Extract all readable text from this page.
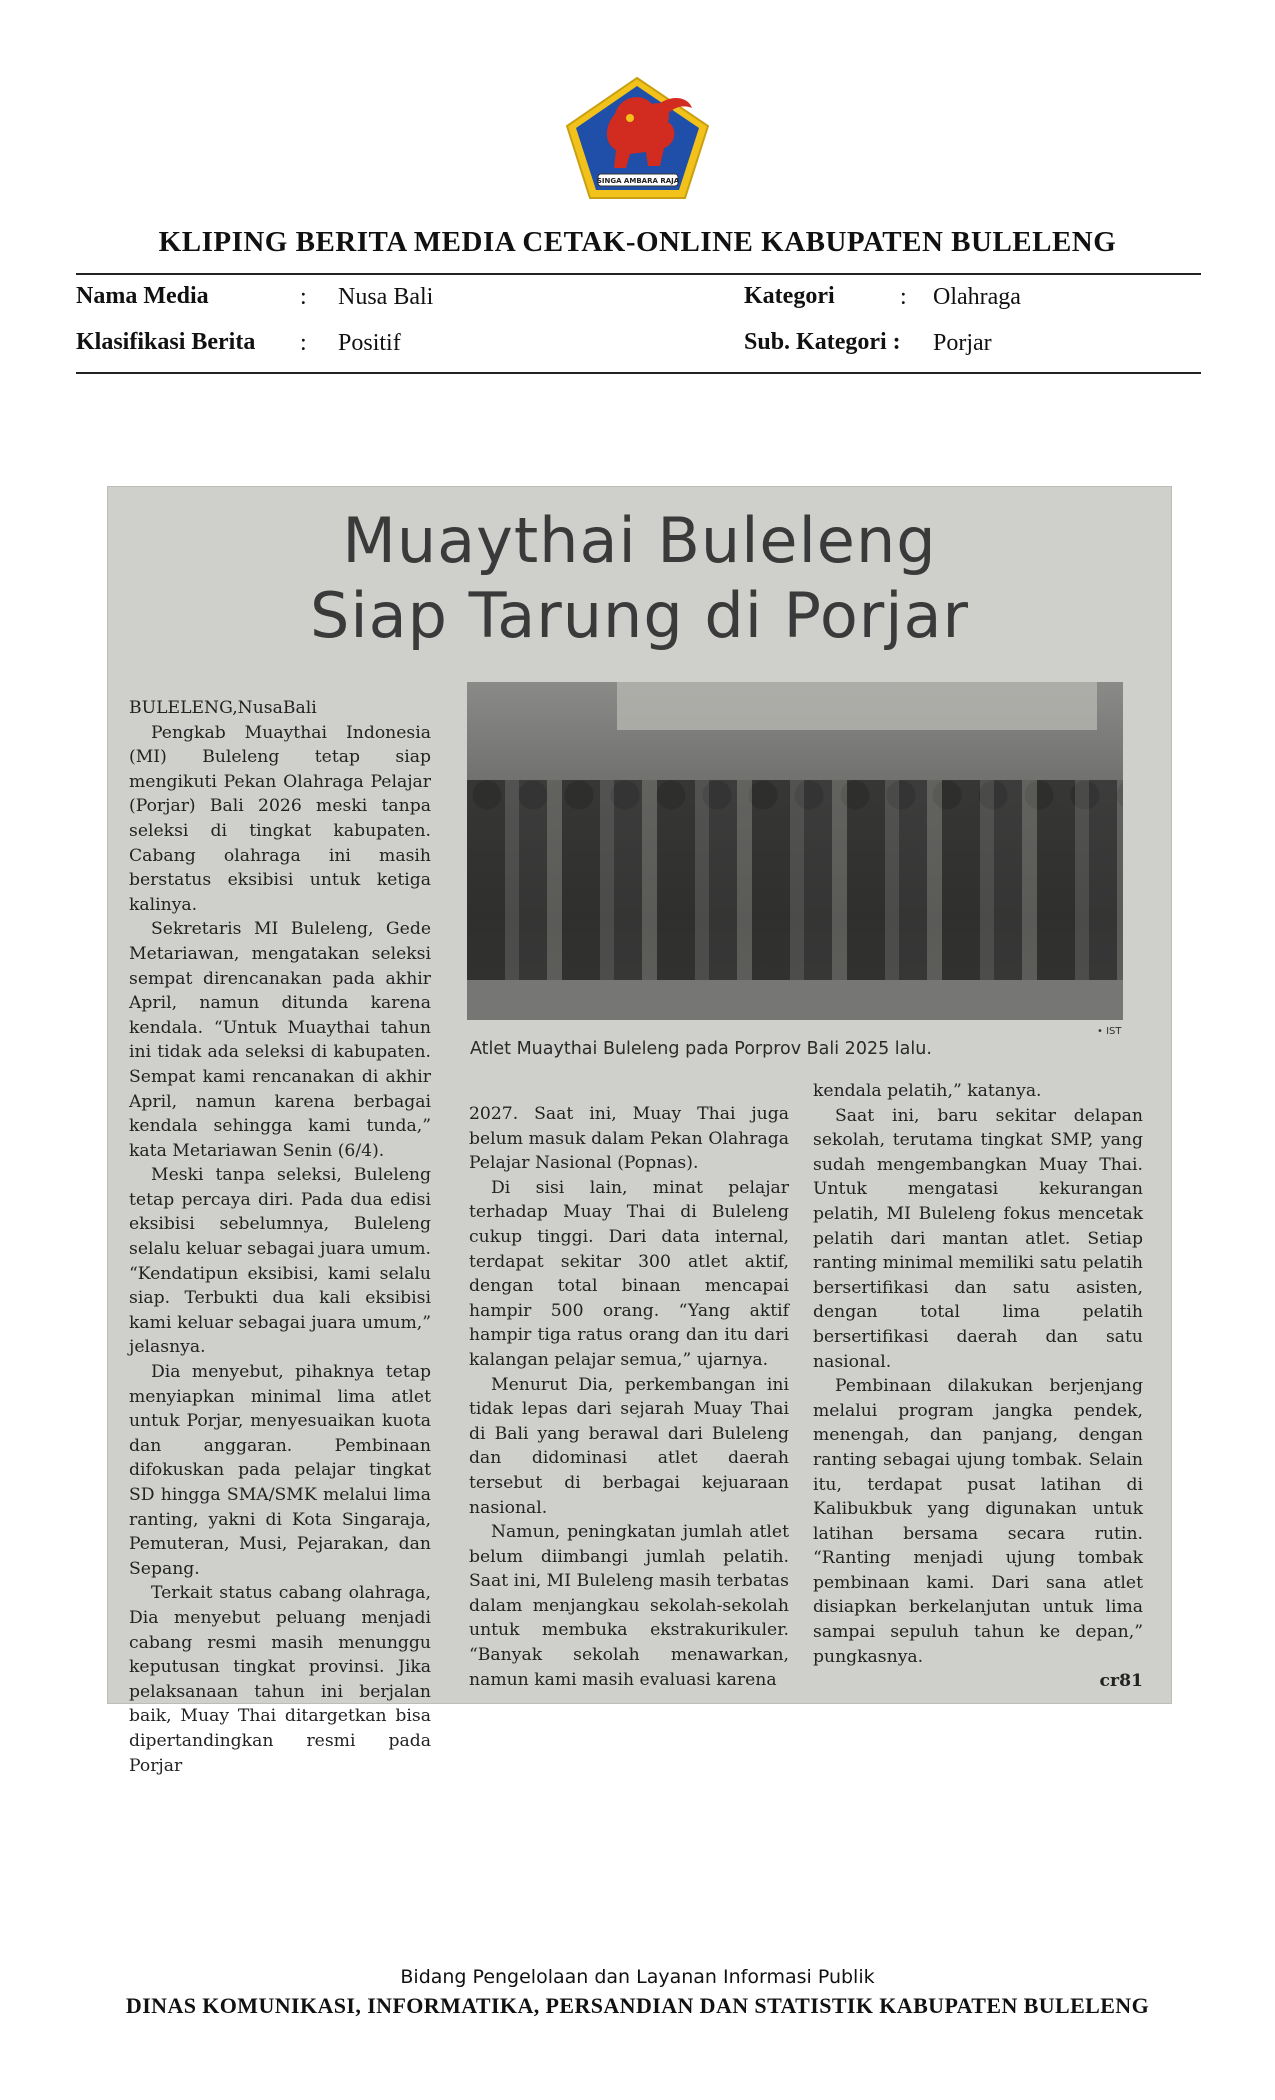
SINGA AMBARA RAJA
KLIPING BERITA MEDIA CETAK-ONLINE KABUPATEN BULELENG
Nama Media	: Nusa Bali
Klasifikasi Berita : Positif
Kategori	: Olahraga
Sub. Kategori : Porjar
Muaythai Buleleng
Siap Tarung di Porjar

BULELENG,NusaBali

Pengkab Muaythai Indonesia (MI) Buleleng tetap siap mengikuti Pekan Olahraga Pelajar (Porjar) Bali 2026 meski tanpa seleksi di tingkat kabupaten. Cabang olahraga ini masih berstatus eksibisi untuk ketiga kalinya.

Sekretaris MI Buleleng, Gede Metariawan, mengatakan seleksi sempat direncanakan pada akhir April, namun ditunda karena kendala. “Untuk Muaythai tahun ini tidak ada seleksi di kabupaten. Sempat kami rencanakan di akhir April, namun karena berbagai kendala sehingga kami tunda,” kata Metariawan Senin (6/4).

Meski tanpa seleksi, Buleleng tetap percaya diri. Pada dua edisi eksibisi sebelumnya, Buleleng selalu keluar sebagai juara umum. “Kendatipun eksibisi, kami selalu siap. Terbukti dua kali eksibisi kami keluar sebagai juara umum,” jelasnya.

Dia menyebut, pihaknya tetap menyiapkan minimal lima atlet untuk Porjar, menyesuaikan kuota dan anggaran. Pembinaan difokuskan pada pelajar tingkat SD hingga SMA/SMK melalui lima ranting, yakni di Kota Singaraja, Pemuteran, Musi, Pejarakan, dan Sepang.

Terkait status cabang olahraga, Dia menyebut peluang menjadi cabang resmi masih menunggu keputusan tingkat provinsi. Jika pelaksanaan tahun ini berjalan baik, Muay Thai ditargetkan bisa dipertandingkan resmi pada Porjar

• IST
Atlet Muaythai Buleleng pada Porprov Bali 2025 lalu.

2027. Saat ini, Muay Thai juga belum masuk dalam Pekan Olahraga Pelajar Nasional (Popnas).

Di sisi lain, minat pelajar terhadap Muay Thai di Buleleng cukup tinggi. Dari data internal, terdapat sekitar 300 atlet aktif, dengan total binaan mencapai hampir 500 orang. “Yang aktif hampir tiga ratus orang dan itu dari kalangan pelajar semua,” ujarnya.

Menurut Dia, perkembangan ini tidak lepas dari sejarah Muay Thai di Bali yang berawal dari Buleleng dan didominasi atlet daerah tersebut di berbagai kejuaraan nasional.

Namun, peningkatan jumlah atlet belum diimbangi jumlah pelatih. Saat ini, MI Buleleng masih terbatas dalam menjangkau sekolah-sekolah untuk membuka ekstrakurikuler. “Banyak sekolah menawarkan, namun kami masih evaluasi karena

kendala pelatih,” katanya.

Saat ini, baru sekitar delapan sekolah, terutama tingkat SMP, yang sudah mengembangkan Muay Thai. Untuk mengatasi kekurangan pelatih, MI Buleleng fokus mencetak pelatih dari mantan atlet. Setiap ranting minimal memiliki satu pelatih bersertifikasi dan satu asisten, dengan total lima pelatih bersertifikasi daerah dan satu nasional.

Pembinaan dilakukan berjenjang melalui program jangka pendek, menengah, dan panjang, dengan ranting sebagai ujung tombak. Selain itu, terdapat pusat latihan di Kalibukbuk yang digunakan untuk latihan bersama secara rutin. “Ranting menjadi ujung tombak pembinaan kami. Dari sana atlet disiapkan berkelanjutan untuk lima sampai sepuluh tahun ke depan,” pungkasnya.

cr81

Bidang Pengelolaan dan Layanan Informasi Publik
DINAS KOMUNIKASI, INFORMATIKA, PERSANDIAN DAN STATISTIK KABUPATEN BULELENG
